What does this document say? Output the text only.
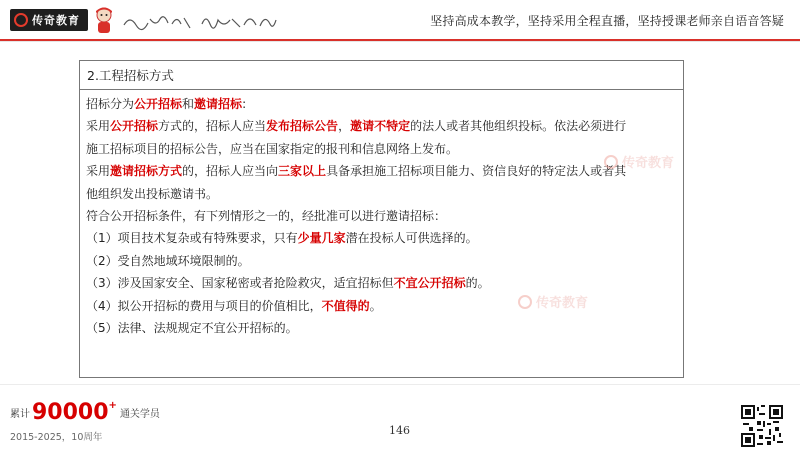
传奇教育	坚持高成本教学，坚持采用全程直播，坚持授课老师亲自语音答疑
2.工程招标方式
招标分为公开招标和邀请招标:
采用公开招标方式的，招标人应当发布招标公告，邀请不特定的法人或者其他组织投标。依法必须进行
施工招标项目的招标公告，应当在国家指定的报刊和信息网络上发布。
采用邀请招标方式的，招标人应当向三家以上具备承担施工招标项目能力、资信良好的特定法人或者其
他组织发出投标邀请书。
符合公开招标条件，有下列情形之一的，经批准可以进行邀请招标：
（1）项目技术复杂或有特殊要求，只有少量几家潜在投标人可供选择的。
（2）受自然地域环境限制的。
（3）涉及国家安全、国家秘密或者抢险救灾，适宜招标但不宜公开招标的。
（4）拟公开招标的费用与项目的价值相比，不值得的。
（5）法律、法规规定不宜公开招标的。
传奇教育
传奇教育
累计 90000 +
通关学员
2015-2025，10周年
146
